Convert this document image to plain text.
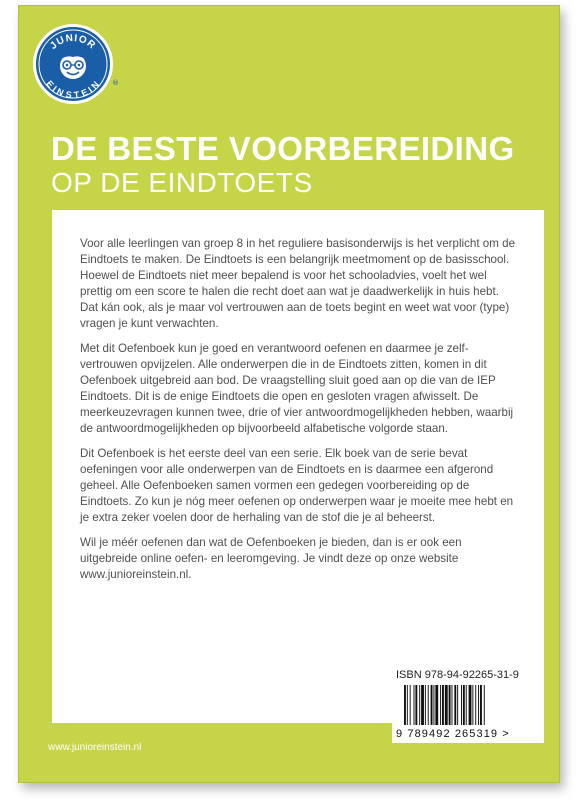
JUNIOR
EINSTEIN ®
DE BESTE VOORBEREIDING
OP DE EINDTOETS

Voor alle leerlingen van groep 8 in het reguliere basisonderwijs is het verplicht om de Eindtoets te maken. De Eindtoets is een belangrijk meetmoment op de basisschool. Hoewel de Eindtoets niet meer bepalend is voor het schooladvies, voelt het wel prettig om een score te halen die recht doet aan wat je daadwerkelijk in huis hebt. Dat kán ook, als je maar vol vertrouwen aan de toets begint en weet wat voor (type) vragen je kunt verwachten.

Met dit Oefenboek kun je goed en verantwoord oefenen en daarmee je zelf-vertrouwen opvijzelen. Alle onderwerpen die in de Eindtoets zitten, komen in dit Oefenboek uitgebreid aan bod. De vraagstelling sluit goed aan op die van de IEP Eindtoets. Dit is de enige Eindtoets die open en gesloten vragen afwisselt. De meerkeuzevragen kunnen twee, drie of vier antwoordmogelijkheden hebben, waarbij de antwoordmogelijkheden op bijvoorbeeld alfabetische volgorde staan.

Dit Oefenboek is het eerste deel van een serie. Elk boek van de serie bevat oefeningen voor alle onderwerpen van de Eindtoets en is daarmee een afgerond geheel. Alle Oefenboeken samen vormen een gedegen voorbereiding op de Eindtoets. Zo kun je nóg meer oefenen op onderwerpen waar je moeite mee hebt en je extra zeker voelen door de herhaling van de stof die je al beheerst.

Wil je méér oefenen dan wat de Oefenboeken je bieden, dan is er ook een uitgebreide online oefen- en leeromgeving. Je vindt deze op onze website www.junioreinstein.nl.

ISBN 978-94-92265-31-9
9 789492 265319 >
www.junioreinstein.nl
